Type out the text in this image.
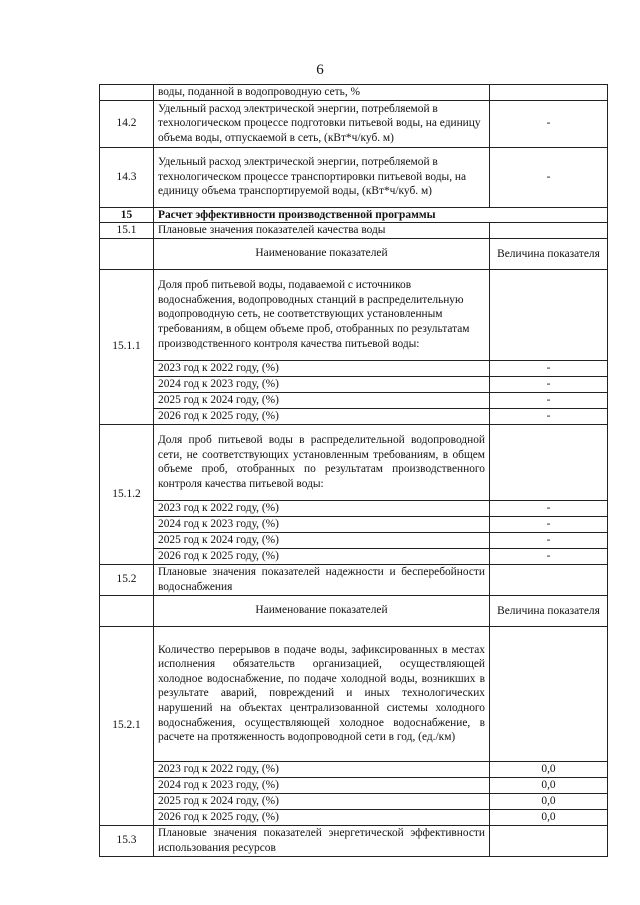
6
	воды, поданной в водопроводную сеть, %	
14.2	Удельный расход электрической энергии, потребляемой в технологическом процессе подготовки питьевой воды, на единицу объема воды, отпускаемой в сеть, (кВт*ч/куб. м)	-
14.3	Удельный расход электрической энергии, потребляемой в технологическом процессе транспортировки питьевой воды, на единицу объема транспортируемой воды, (кВт*ч/куб. м)	-
15	Расчет эффективности производственной программы	
15.1	Плановые значения показателей качества воды	
	Наименование показателей	Величина показателя
15.1.1	Доля проб питьевой воды, подаваемой с источников водоснабжения, водопроводных станций в распределительную водопроводную сеть, не соответствующих установленным требованиям, в общем объеме проб, отобранных по результатам производственного контроля качества питьевой воды:	
	2023 год к 2022 году, (%)	-
	2024 год к 2023 году, (%)	-
	2025 год к 2024 году, (%)	-
	2026 год к 2025 году, (%)	-
15.1.2	Доля проб питьевой воды в распределительной водопроводной сети, не соответствующих установленным требованиям, в общем объеме проб, отобранных по результатам производственного контроля качества питьевой воды:	
	2023 год к 2022 году, (%)	-
	2024 год к 2023 году, (%)	-
	2025 год к 2024 году, (%)	-
	2026 год к 2025 году, (%)	-
15.2	Плановые значения показателей надежности и бесперебойности водоснабжения	
	Наименование показателей	Величина показателя
15.2.1	Количество перерывов в подаче воды, зафиксированных в местах исполнения обязательств организацией, осуществляющей холодное водоснабжение, по подаче холодной воды, возникших в результате аварий, повреждений и иных технологических нарушений на объектах централизованной системы холодного водоснабжения, осуществляющей холодное водоснабжение, в расчете на протяженность водопроводной сети в год, (ед./км)	
	2023 год к 2022 году, (%)	0,0
	2024 год к 2023 году, (%)	0,0
	2025 год к 2024 году, (%)	0,0
	2026 год к 2025 году, (%)	0,0
15.3	Плановые значения показателей энергетической эффективности использования ресурсов	
